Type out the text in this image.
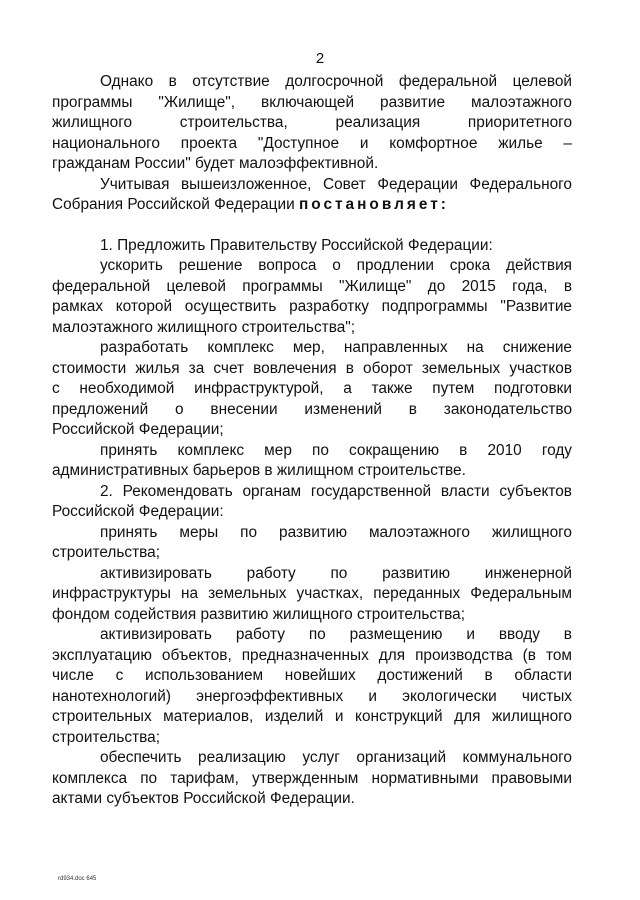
2
Однако в отсутствие долгосрочной федеральной целевой
программы "Жилище", включающей развитие малоэтажного
жилищного строительства, реализация приоритетного
национального проекта "Доступное и комфортное жилье –
гражданам России" будет малоэффективной.
Учитывая вышеизложенное, Совет Федерации Федерального
Собрания Российской Федерации постановляет:
1. Предложить Правительству Российской Федерации:
ускорить решение вопроса о продлении срока действия
федеральной целевой программы "Жилище" до 2015 года, в
рамках которой осуществить разработку подпрограммы "Развитие
малоэтажного жилищного строительства";
разработать комплекс мер, направленных на снижение
стоимости жилья за счет вовлечения в оборот земельных участков
с необходимой инфраструктурой, а также путем подготовки
предложений о внесении изменений в законодательство
Российской Федерации;
принять комплекс мер по сокращению в 2010 году
административных барьеров в жилищном строительстве.
2. Рекомендовать органам государственной власти субъектов
Российской Федерации:
принять меры по развитию малоэтажного жилищного
строительства;
активизировать работу по развитию инженерной
инфраструктуры на земельных участках, переданных Федеральным
фондом содействия развитию жилищного строительства;
активизировать работу по размещению и вводу в
эксплуатацию объектов, предназначенных для производства (в том
числе с использованием новейших достижений в области
нанотехнологий) энергоэффективных и экологически чистых
строительных материалов, изделий и конструкций для жилищного
строительства;
обеспечить реализацию услуг организаций коммунального
комплекса по тарифам, утвержденным нормативными правовыми
актами субъектов Российской Федерации.
rd934.doc 645
